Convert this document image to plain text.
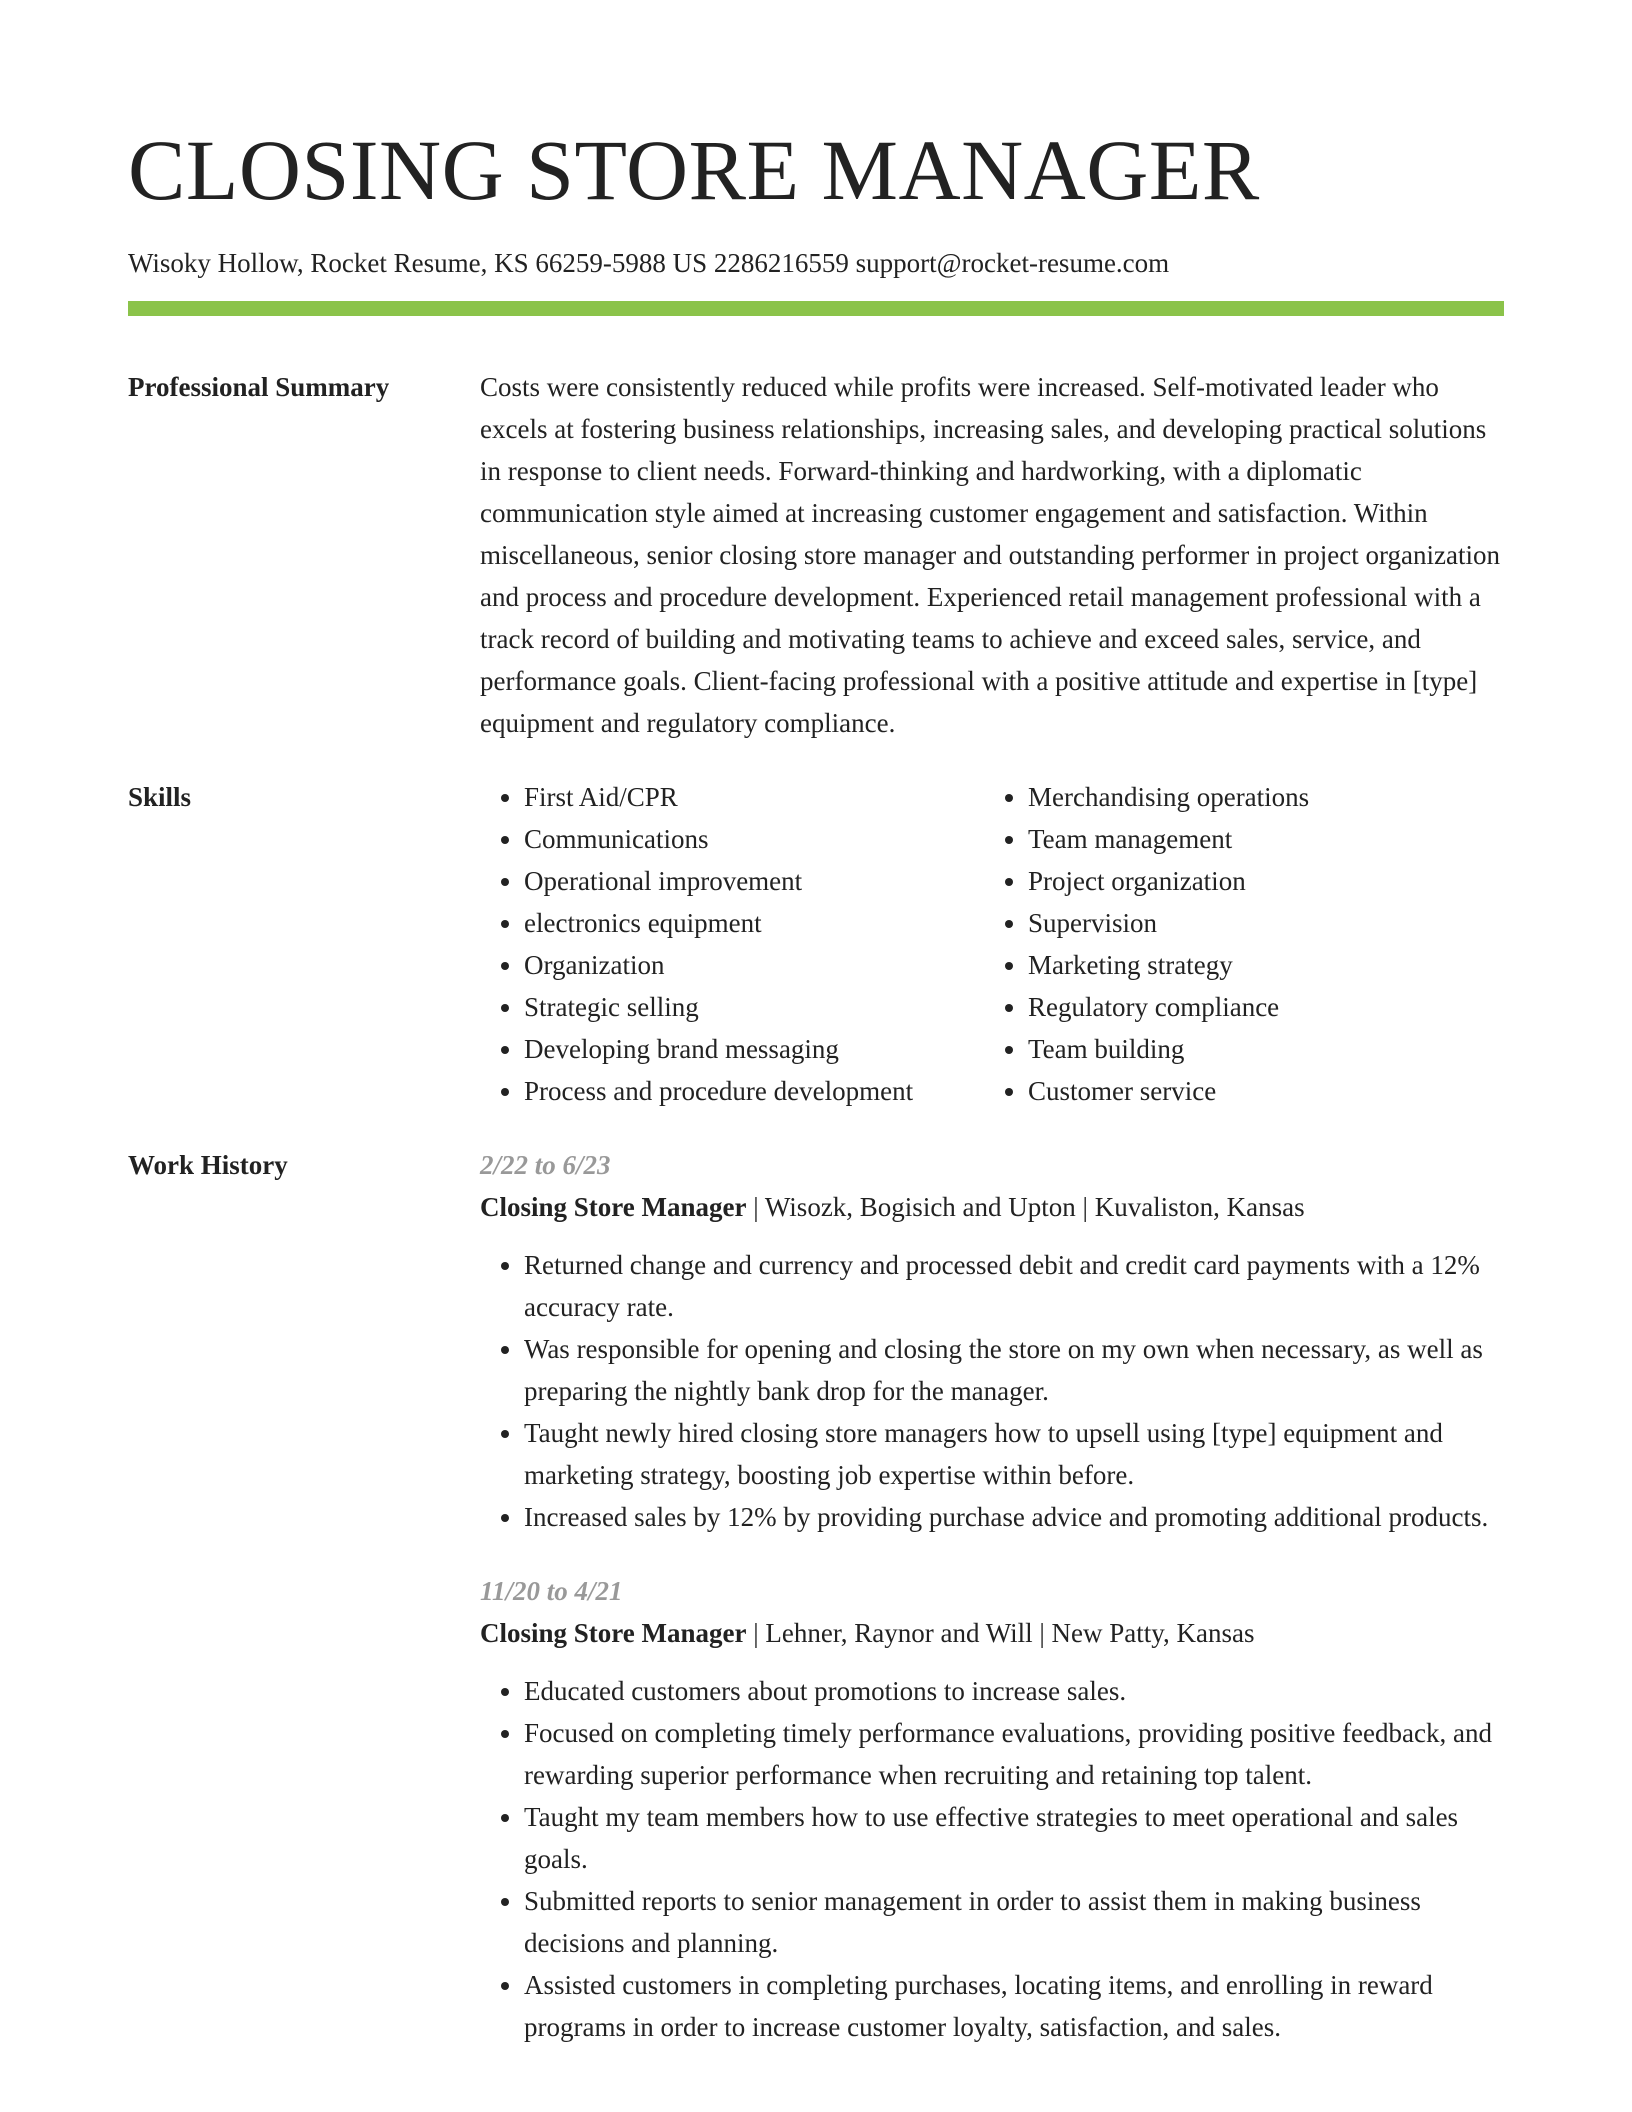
CLOSING STORE MANAGER
Wisoky Hollow, Rocket Resume, KS 66259-5988 US 2286216559 support@rocket-resume.com
Professional Summary	Costs were consistently reduced while profits were increased. Self-motivated leader who excels at fostering business relationships, increasing sales, and developing practical solutions in response to client needs. Forward-thinking and hardworking, with a diplomatic communication style aimed at increasing customer engagement and satisfaction. Within miscellaneous, senior closing store manager and outstanding performer in project organization and process and procedure development. Experienced retail management professional with a track record of building and motivating teams to achieve and exceed sales, service, and performance goals. Client-facing professional with a positive attitude and expertise in [type] equipment and regulatory compliance.

Skills
•	First Aid/CPR
• Communications
• Operational improvement
• electronics equipment
• Organization
• Strategic selling
• Developing brand messaging
• Process and procedure development
• Merchandising operations
• Team management
• Project organization
• Supervision
• Marketing strategy
• Regulatory compliance
• Team building
• Customer service
Work History	2/22 to 6/23
Closing Store Manager | Wisozk, Bogisich and Upton | Kuvaliston, Kansas
• Returned change and currency and processed debit and credit card payments with a 12% accuracy rate.
• Was responsible for opening and closing the store on my own when necessary, as well as preparing the nightly bank drop for the manager.
• Taught newly hired closing store managers how to upsell using [type] equipment and marketing strategy, boosting job expertise within before.
• Increased sales by 12% by providing purchase advice and promoting additional products.
11/20 to 4/21
Closing Store Manager | Lehner, Raynor and Will | New Patty, Kansas
• Educated customers about promotions to increase sales.
• Focused on completing timely performance evaluations, providing positive feedback, and rewarding superior performance when recruiting and retaining top talent.
• Taught my team members how to use effective strategies to meet operational and sales goals.
• Submitted reports to senior management in order to assist them in making business decisions and planning.
• Assisted customers in completing purchases, locating items, and enrolling in reward programs in order to increase customer loyalty, satisfaction, and sales.
